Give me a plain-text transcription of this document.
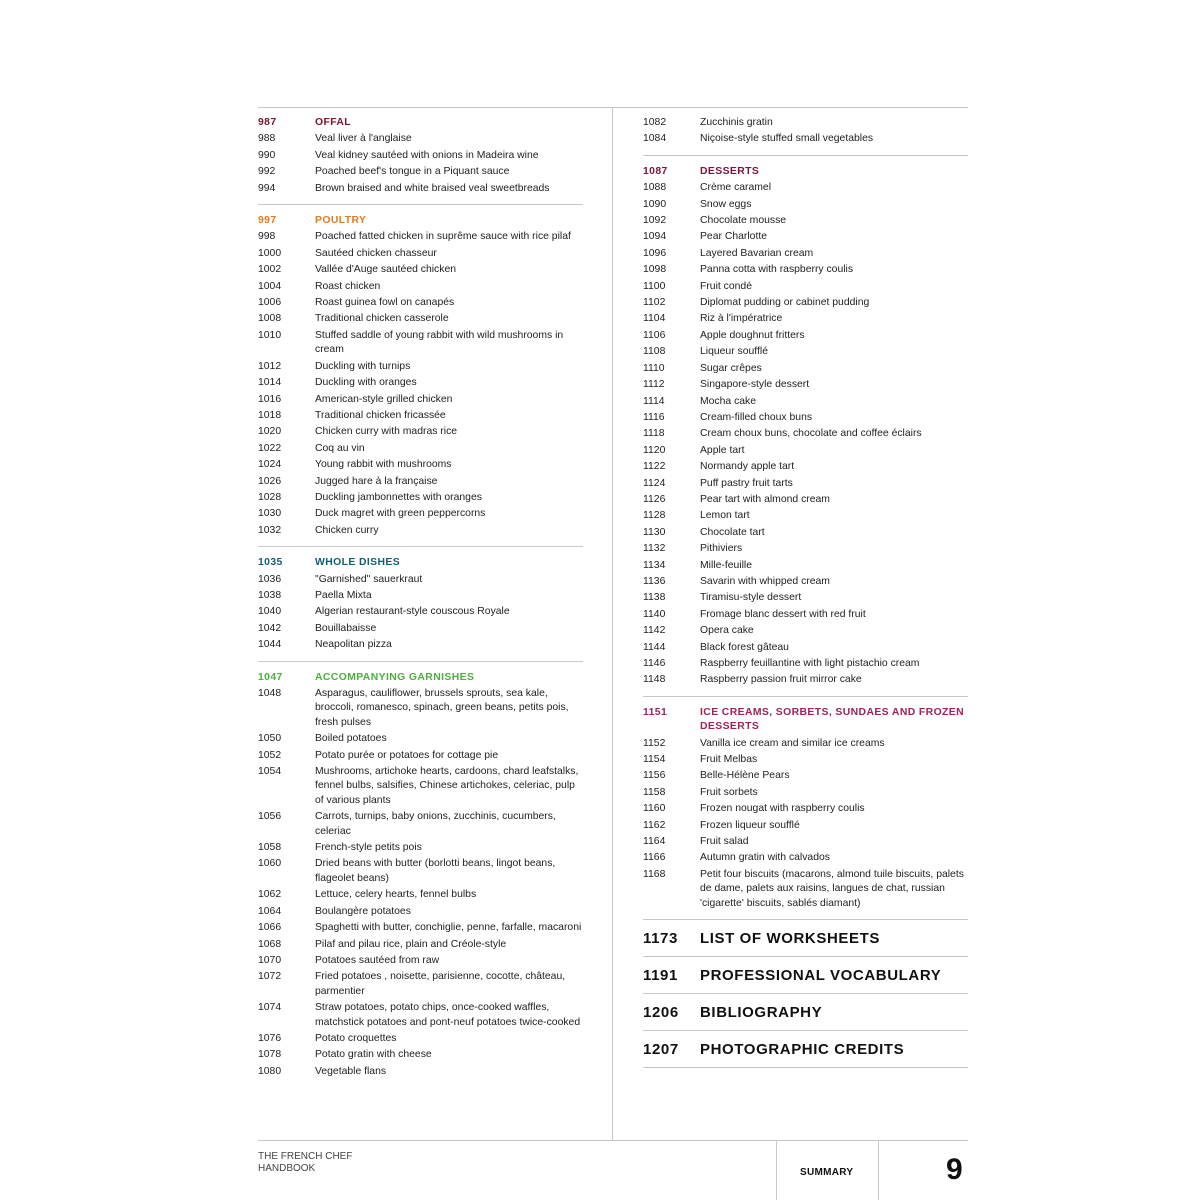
987	OFFAL
988	Veal liver à l'anglaise
990	Veal kidney sautéed with onions in Madeira wine
992	Poached beef's tongue in a Piquant sauce
994	Brown braised and white braised veal sweetbreads
997	POULTRY
998	Poached fatted chicken in suprême sauce with rice pilaf
1000	Sautéed chicken chasseur
1002	Vallée d'Auge sautéed chicken
1004	Roast chicken
1006	Roast guinea fowl on canapés
1008	Traditional chicken casserole
1010	Stuffed saddle of young rabbit with wild mushrooms in cream
1012	Duckling with turnips
1014	Duckling with oranges
1016	American-style grilled chicken
1018	Traditional chicken fricassée
1020	Chicken curry with madras rice
1022	Coq au vin
1024	Young rabbit with mushrooms
1026	Jugged hare à la française
1028	Duckling jambonnettes with oranges
1030	Duck magret with green peppercorns
1032	Chicken curry
1035	WHOLE DISHES
1036	"Garnished" sauerkraut
1038	Paella Mixta
1040	Algerian restaurant-style couscous Royale
1042	Bouillabaisse
1044	Neapolitan pizza
1047	ACCOMPANYING GARNISHES
1048	Asparagus, cauliflower, brussels sprouts, sea kale, broccoli, romanesco, spinach, green beans, petits pois, fresh pulses
1050	Boiled potatoes
1052	Potato purée or potatoes for cottage pie
1054	Mushrooms, artichoke hearts, cardoons, chard leafstalks, fennel bulbs, salsifies, Chinese artichokes, celeriac, pulp of various plants
1056	Carrots, turnips, baby onions, zucchinis, cucumbers, celeriac
1058	French-style petits pois
1060	Dried beans with butter (borlotti beans, lingot beans, flageolet beans)
1062	Lettuce, celery hearts, fennel bulbs
1064	Boulangère potatoes
1066	Spaghetti with butter, conchiglie, penne, farfalle, macaroni
1068	Pilaf and pilau rice, plain and Créole-style
1070	Potatoes sautéed from raw
1072	Fried potatoes , noisette, parisienne, cocotte, château, parmentier
1074	Straw potatoes, potato chips, once-cooked waffles, matchstick potatoes and pont-neuf potatoes twice-cooked
1076	Potato croquettes
1078	Potato gratin with cheese
1080	Vegetable flans
1082	Zucchinis gratin
1084	Niçoise-style stuffed small vegetables
1087	DESSERTS
1088	Crème caramel
1090	Snow eggs
1092	Chocolate mousse
1094	Pear Charlotte
1096	Layered Bavarian cream
1098	Panna cotta with raspberry coulis
1100	Fruit condé
1102	Diplomat pudding or cabinet pudding
1104	Riz à l'impératrice
1106	Apple doughnut fritters
1108	Liqueur soufflé
1110	Sugar crêpes
1112	Singapore-style dessert
1114	Mocha cake
1116	Cream-filled choux buns
1118	Cream choux buns, chocolate and coffee éclairs
1120	Apple tart
1122	Normandy apple tart
1124	Puff pastry fruit tarts
1126	Pear tart with almond cream
1128	Lemon tart
1130	Chocolate tart
1132	Pithiviers
1134	Mille-feuille
1136	Savarin with whipped cream
1138	Tiramisu-style dessert
1140	Fromage blanc dessert with red fruit
1142	Opera cake
1144	Black forest gâteau
1146	Raspberry feuillantine with light pistachio cream
1148	Raspberry passion fruit mirror cake
1151	ICE CREAMS, SORBETS, SUNDAES AND FROZEN DESSERTS
1152	Vanilla ice cream and similar ice creams
1154	Fruit Melbas
1156	Belle-Hélène Pears
1158	Fruit sorbets
1160	Frozen nougat with raspberry coulis
1162	Frozen liqueur soufflé
1164	Fruit salad
1166	Autumn gratin with calvados
1168	Petit four biscuits (macarons, almond tuile biscuits, palets de dame, palets aux raisins, langues de chat, russian 'cigarette' biscuits, sablés diamant)
1173	LIST OF WORKSHEETS
1191	PROFESSIONAL VOCABULARY
1206	BIBLIOGRAPHY
1207	PHOTOGRAPHIC CREDITS
THE FRENCH CHEF HANDBOOK	SUMMARY	9
